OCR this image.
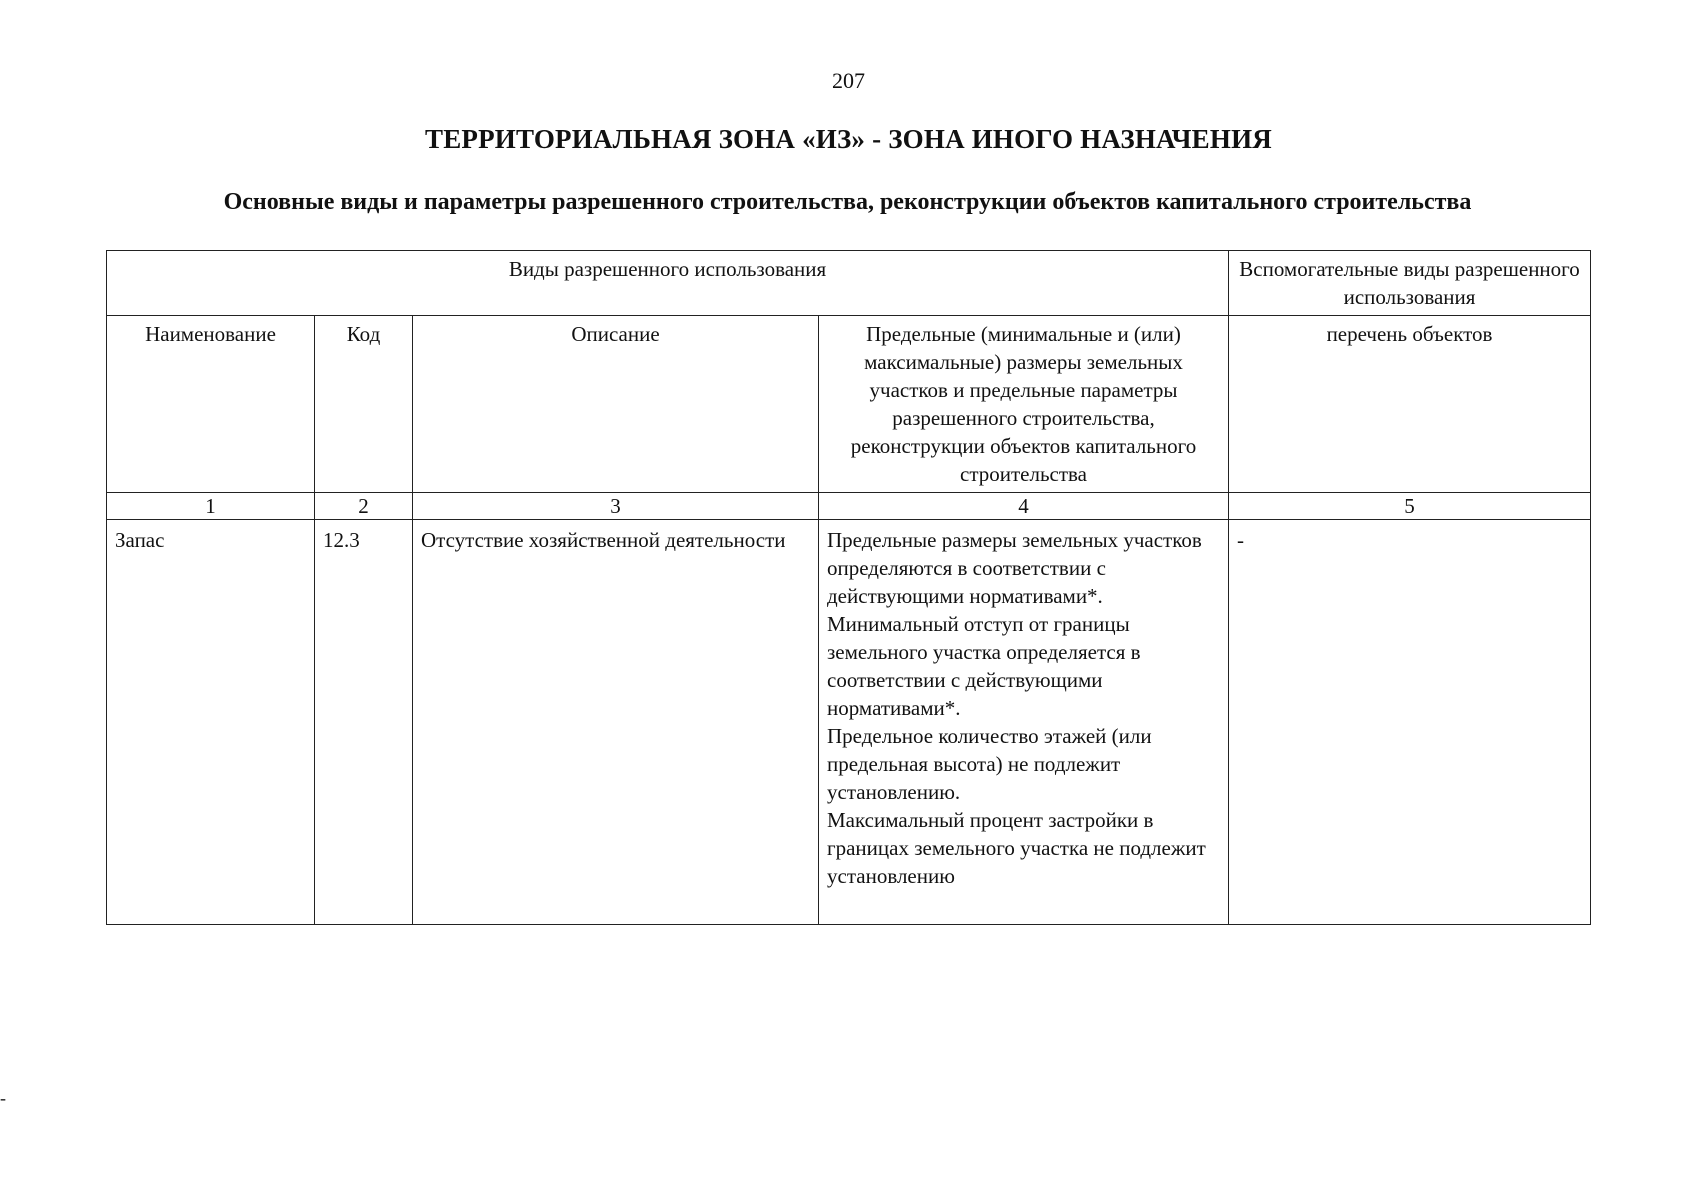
207
ТЕРРИТОРИАЛЬНАЯ ЗОНА «ИЗ» - ЗОНА ИНОГО НАЗНАЧЕНИЯ
Основные виды и параметры разрешенного строительства, реконструкции объектов капитального строительства
Виды разрешенного использования				Вспомогательные виды разрешенного использования
Наименование	Код	Описание	Предельные (минимальные и (или) максимальные) размеры земельных участков и предельные параметры разрешенного строительства, реконструкции объектов капитального строительства	перечень объектов
1	2	3	4	5
Запас	12.3	Отсутствие хозяйственной деятельности	Предельные размеры земельных участков определяются в соответствии с действующими нормативами*.
Минимальный отступ от границы земельного участка определяется в соответствии с действующими нормативами*.
Предельное количество этажей (или предельная высота) не подлежит установлению.
Максимальный процент застройки в границах земельного участка не подлежит установлению	-
-
